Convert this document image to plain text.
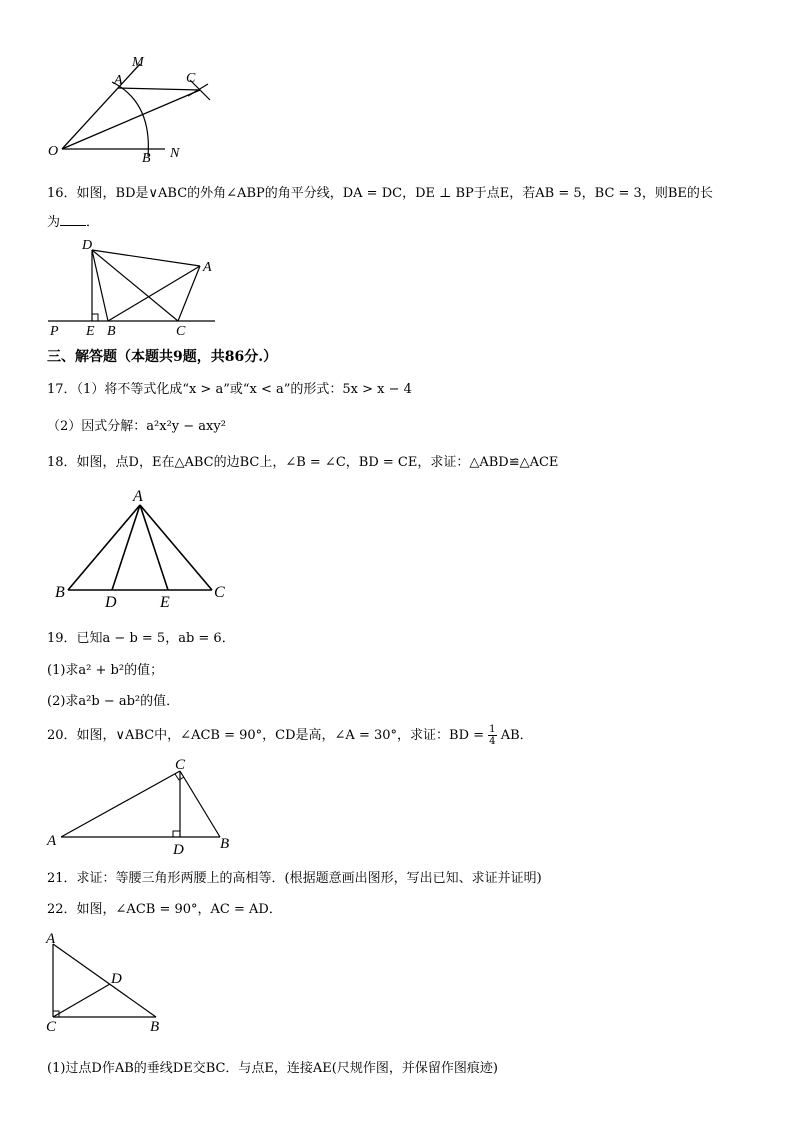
M
A	C
O	B N
16．如图，BD是∨ABC的外角∠ABP的角平分线，DA = DC，DE ⊥ BP于点E，若AB = 5，BC = 3，则BE的长
为 ．
D
A
P E B	C
三、解答题（本题共9题，共86分.）
17．（1）将不等式化成“x > a”或“x < a”的形式：5x > x − 4
（2）因式分解：a²x²y − axy²
18．如图，点D，E在△ABC的边BC上，∠B = ∠C，BD = CE，求证：△ABD≌△ACE
A
B
D	E
C
19．已知a − b = 5，ab = 6．
(1)求a² + b²的值；
(2)求a²b − ab²的值．
20．如图，∨ABC中，∠ACB = 90°，CD是高，∠A = 30°，求证：BD = $\frac{1}{4}$ AB．
C
A
D B
21．求证：等腰三角形两腰上的高相等．(根据题意画出图形，写出已知、求证并证明)
22．如图，∠ACB = 90°，AC = AD．
A
D
C	B
(1)过点D作AB的垂线DE交BC．与点E，连接AE(尺规作图，并保留作图痕迹)
